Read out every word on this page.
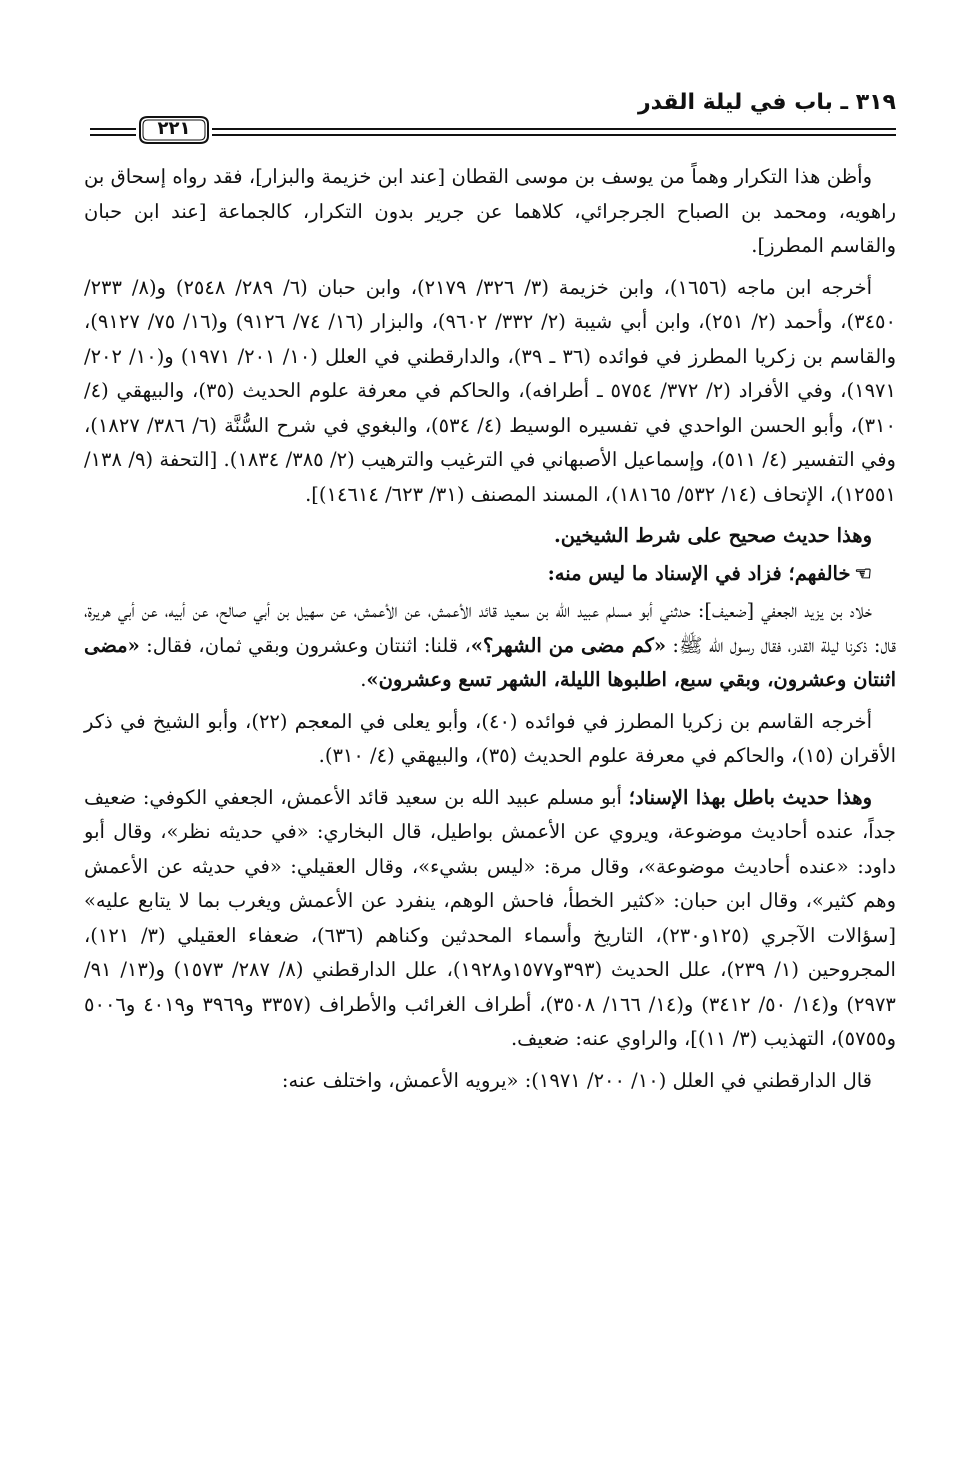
٣١٩ ـ باب في ليلة القدر
٢٢١

وأظن هذا التكرار وهماً من يوسف بن موسى القطان [عند ابن خزيمة والبزار]، فقد رواه إسحاق بن راهويه، ومحمد بن الصباح الجرجرائي، كلاهما عن جرير بدون التكرار، كالجماعة [عند ابن حبان والقاسم المطرز].

أخرجه ابن ماجه (١٦٥٦)، وابن خزيمة (٣/ ٣٢٦/ ٢١٧٩)، وابن حبان (٦/ ٢٨٩/ ٢٥٤٨) و(٨/ ٢٣٣/ ٣٤٥٠)، وأحمد (٢/ ٢٥١)، وابن أبي شيبة (٢/ ٣٣٢/ ٩٦٠٢)، والبزار (١٦/ ٧٤/ ٩١٢٦) و(١٦/ ٧٥/ ٩١٢٧)، والقاسم بن زكريا المطرز في فوائده (٣٦ ـ ٣٩)، والدارقطني في العلل (١٠/ ٢٠١/ ١٩٧١) و(١٠/ ٢٠٢/ ١٩٧١)، وفي الأفراد (٢/ ٣٧٢/ ٥٧٥٤ ـ أطرافه)، والحاكم في معرفة علوم الحديث (٣٥)، والبيهقي (٤/ ٣١٠)، وأبو الحسن الواحدي في تفسيره الوسيط (٤/ ٥٣٤)، والبغوي في شرح السُّنَّة (٦/ ٣٨٦/ ١٨٢٧)، وفي التفسير (٤/ ٥١١)، وإسماعيل الأصبهاني في الترغيب والترهيب (٢/ ٣٨٥/ ١٨٣٤). [التحفة (٩/ ١٣٨/ ١٢٥٥١)، الإتحاف (١٤/ ٥٣٢/ ١٨١٦٥)، المسند المصنف (٣١/ ٦٢٣/ ١٤٦١٤)].

وهذا حديث صحيح على شرط الشيخين.

☜خالفهم؛ فزاد في الإسناد ما ليس منه:

خلاد بن يزيد الجعفي [ضعيف]: حدثني أبو مسلم عبيد الله بن سعيد قائد الأعمش، عن الأعمش، عن سهيل بن أبي صالح، عن أبيه، عن أبي هريرة، قال: ذكرنا ليلة القدر، فقال رسول الله ﷺ: «كم مضى من الشهر؟»، قلنا: اثنتان وعشرون وبقي ثمان، فقال: «مضى اثنتان وعشرون، وبقي سبع، اطلبوها الليلة، الشهر تسع وعشرون».

أخرجه القاسم بن زكريا المطرز في فوائده (٤٠)، وأبو يعلى في المعجم (٢٢)، وأبو الشيخ في ذكر الأقران (١٥)، والحاكم في معرفة علوم الحديث (٣٥)، والبيهقي (٤/ ٣١٠).

وهذا حديث باطل بهذا الإسناد؛ أبو مسلم عبيد الله بن سعيد قائد الأعمش، الجعفي الكوفي: ضعيف جداً، عنده أحاديث موضوعة، ويروي عن الأعمش بواطيل، قال البخاري: «في حديثه نظر»، وقال أبو داود: «عنده أحاديث موضوعة»، وقال مرة: «ليس بشيء»، وقال العقيلي: «في حديثه عن الأعمش وهم كثير»، وقال ابن حبان: «كثير الخطأ، فاحش الوهم، ينفرد عن الأعمش ويغرب بما لا يتابع عليه» [سؤالات الآجري (١٢٥و٢٣٠)، التاريخ وأسماء المحدثين وكناهم (٦٣٦)، ضعفاء العقيلي (٣/ ١٢١)، المجروحين (١/ ٢٣٩)، علل الحديث (٣٩٣و١٥٧٧و١٩٢٨)، علل الدارقطني (٨/ ٢٨٧/ ١٥٧٣) و(١٣/ ٩١/ ٢٩٧٣) و(١٤/ ٥٠/ ٣٤١٢) و(١٤/ ١٦٦/ ٣٥٠٨)، أطراف الغرائب والأطراف (٣٣٥٧ و٣٩٦٩ و٤٠١٩ و٥٠٠٦ و٥٧٥٥)، التهذيب (٣/ ١١)]، والراوي عنه: ضعيف.

قال الدارقطني في العلل (١٠/ ٢٠٠/ ١٩٧١): «يرويه الأعمش، واختلف عنه:
